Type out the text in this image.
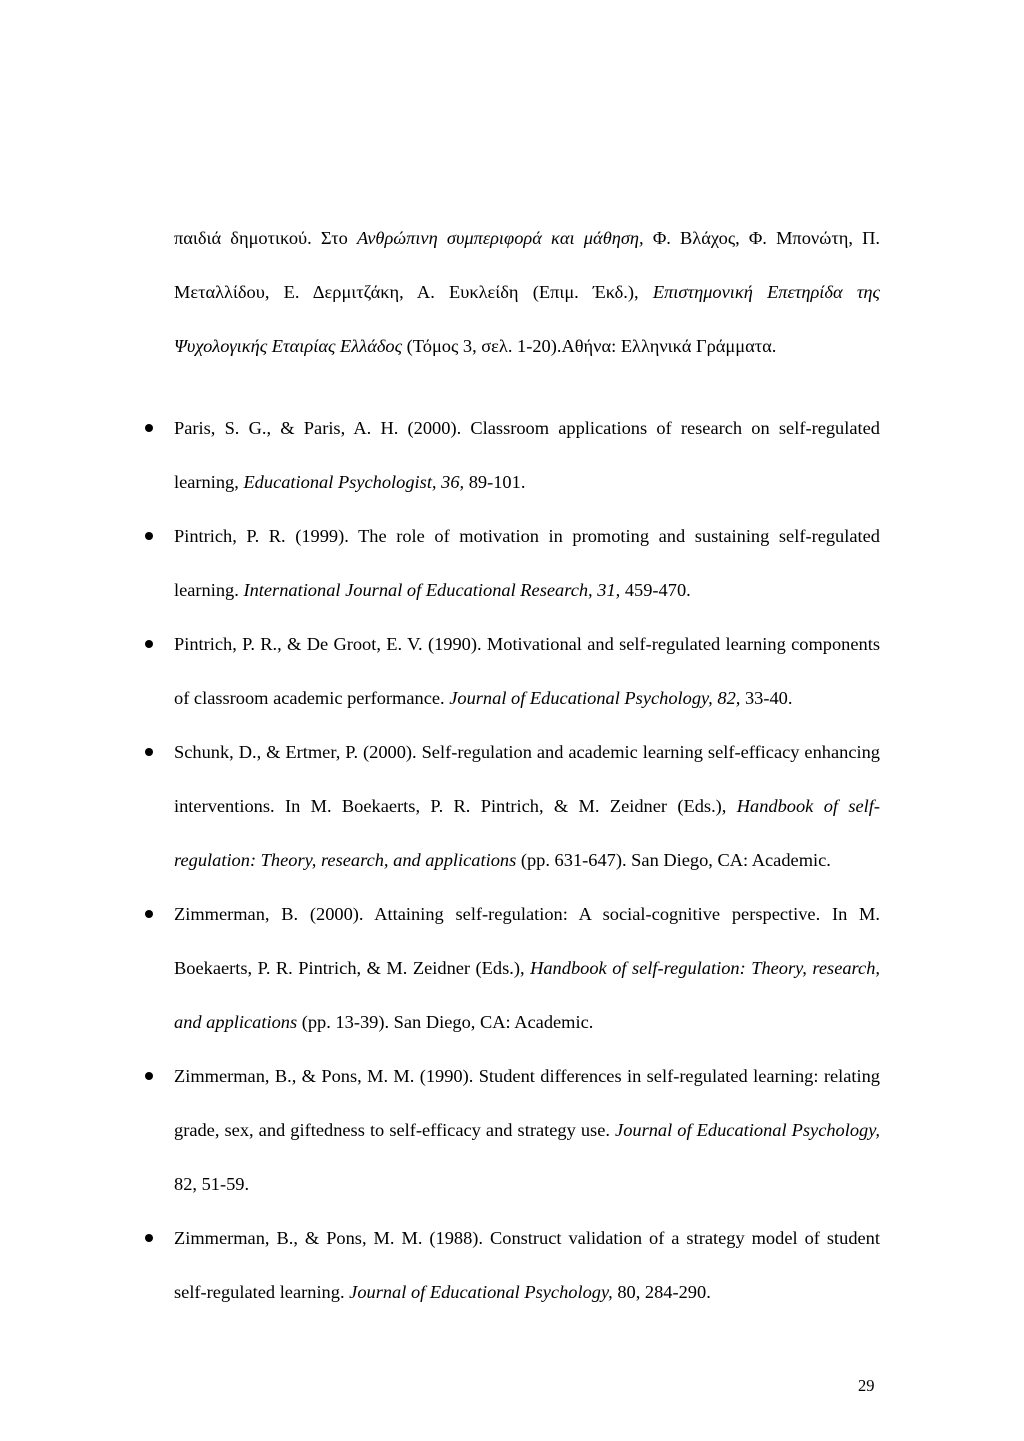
παιδιά δημοτικού. Στο Ανθρώπινη συμπεριφορά και μάθηση, Φ. Βλάχος, Φ. Μπονώτη, Π. Μεταλλίδου, Ε. Δερμιτζάκη, Α. Ευκλείδη (Επιμ. Έκδ.), Επιστημονική Επετηρίδα της Ψυχολογικής Εταιρίας Ελλάδος (Τόμος 3, σελ. 1-20).Αθήνα: Ελληνικά Γράμματα.
Paris, S. G., & Paris, A. H. (2000). Classroom applications of research on self-regulated learning, Educational Psychologist, 36, 89-101.
Pintrich, P. R. (1999). The role of motivation in promoting and sustaining self-regulated learning. International Journal of Educational Research, 31, 459-470.
Pintrich, P. R., & De Groot, E. V. (1990). Motivational and self-regulated learning components of classroom academic performance. Journal of Educational Psychology, 82, 33-40.
Schunk, D., & Ertmer, P. (2000). Self-regulation and academic learning self-efficacy enhancing interventions. In M. Boekaerts, P. R. Pintrich, & M. Zeidner (Eds.), Handbook of self-regulation: Theory, research, and applications (pp. 631-647). San Diego, CA: Academic.
Zimmerman, B. (2000). Attaining self-regulation: A social-cognitive perspective. In M. Boekaerts, P. R. Pintrich, & M. Zeidner (Eds.), Handbook of self-regulation: Theory, research, and applications (pp. 13-39). San Diego, CA: Academic.
Zimmerman, B., & Pons, M. M. (1990). Student differences in self-regulated learning: relating grade, sex, and giftedness to self-efficacy and strategy use. Journal of Educational Psychology, 82, 51-59.
Zimmerman, B., & Pons, M. M. (1988). Construct validation of a strategy model of student self-regulated learning. Journal of Educational Psychology, 80, 284-290.
29
